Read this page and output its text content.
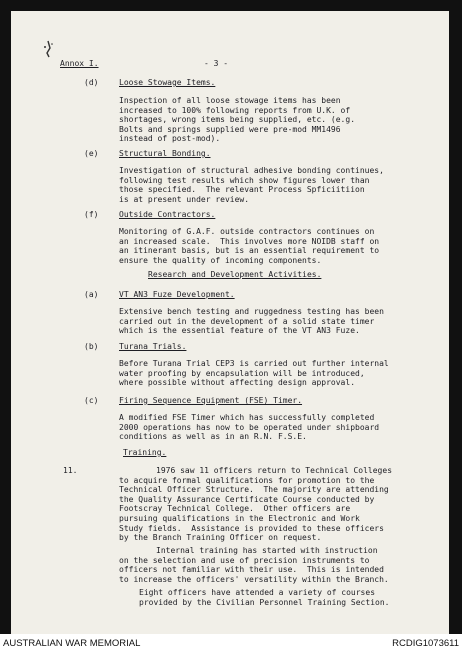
Annox I.	- 3 -
(d)	Loose Stowage Items.
Inspection of all loose stowage items has been
increased to 100% following reports from U.K. of
shortages, wrong items being supplied, etc. (e.g.
Bolts and springs supplied were pre-mod MM1496
instead of post-mod).
(e)	Structural Bonding.
Investigation of structural adhesive bonding continues,
following test results which show figures lower than
those specified.  The relevant Process Spficiitiion
is at present under review.
(f)	Outside Contractors.
Monitoring of G.A.F. outside contractors continues on
an increased scale.  This involves more NOIDB staff on
an itinerant basis, but is an essential requirement to
ensure the quality of incoming components.
Research and Development Activities.
(a)	VT AN3 Fuze Development.
Extensive bench testing and ruggedness testing has been
carried out in the development of a solid state timer
which is the essential feature of the VT AN3 Fuze.
(b)	Turana Trials.
Before Turana Trial CEP3 is carried out further internal
water proofing by encapsulation will be introduced,
where possible without affecting design approval.
(c)	Firing Sequence Equipment (FSE) Timer.
A modified FSE Timer which has successfully completed
2000 operations has now to be operated under shipboard
conditions as well as in an R.N. F.S.E.
Training.
11.	1976 saw 11 officers return to Technical Colleges
to acquire formal qualifications for promotion to the
Technical Officer Structure.  The majority are attending
the Quality Assurance Certificate Course conducted by
Footscray Technical College.  Other officers are
pursuing qualifications in the Electronic and Work
Study fields.  Assistance is provided to these officers
by the Branch Training Officer on request.
Internal training has started with instruction
on the selection and use of precision instruments to
officers not familiar with their use.  This is intended
to increase the officers' versatility within the Branch.
Eight officers have attended a variety of courses
provided by the Civilian Personnel Training Section.
AUSTRALIAN WAR MEMORIAL	RCDIG1073611
